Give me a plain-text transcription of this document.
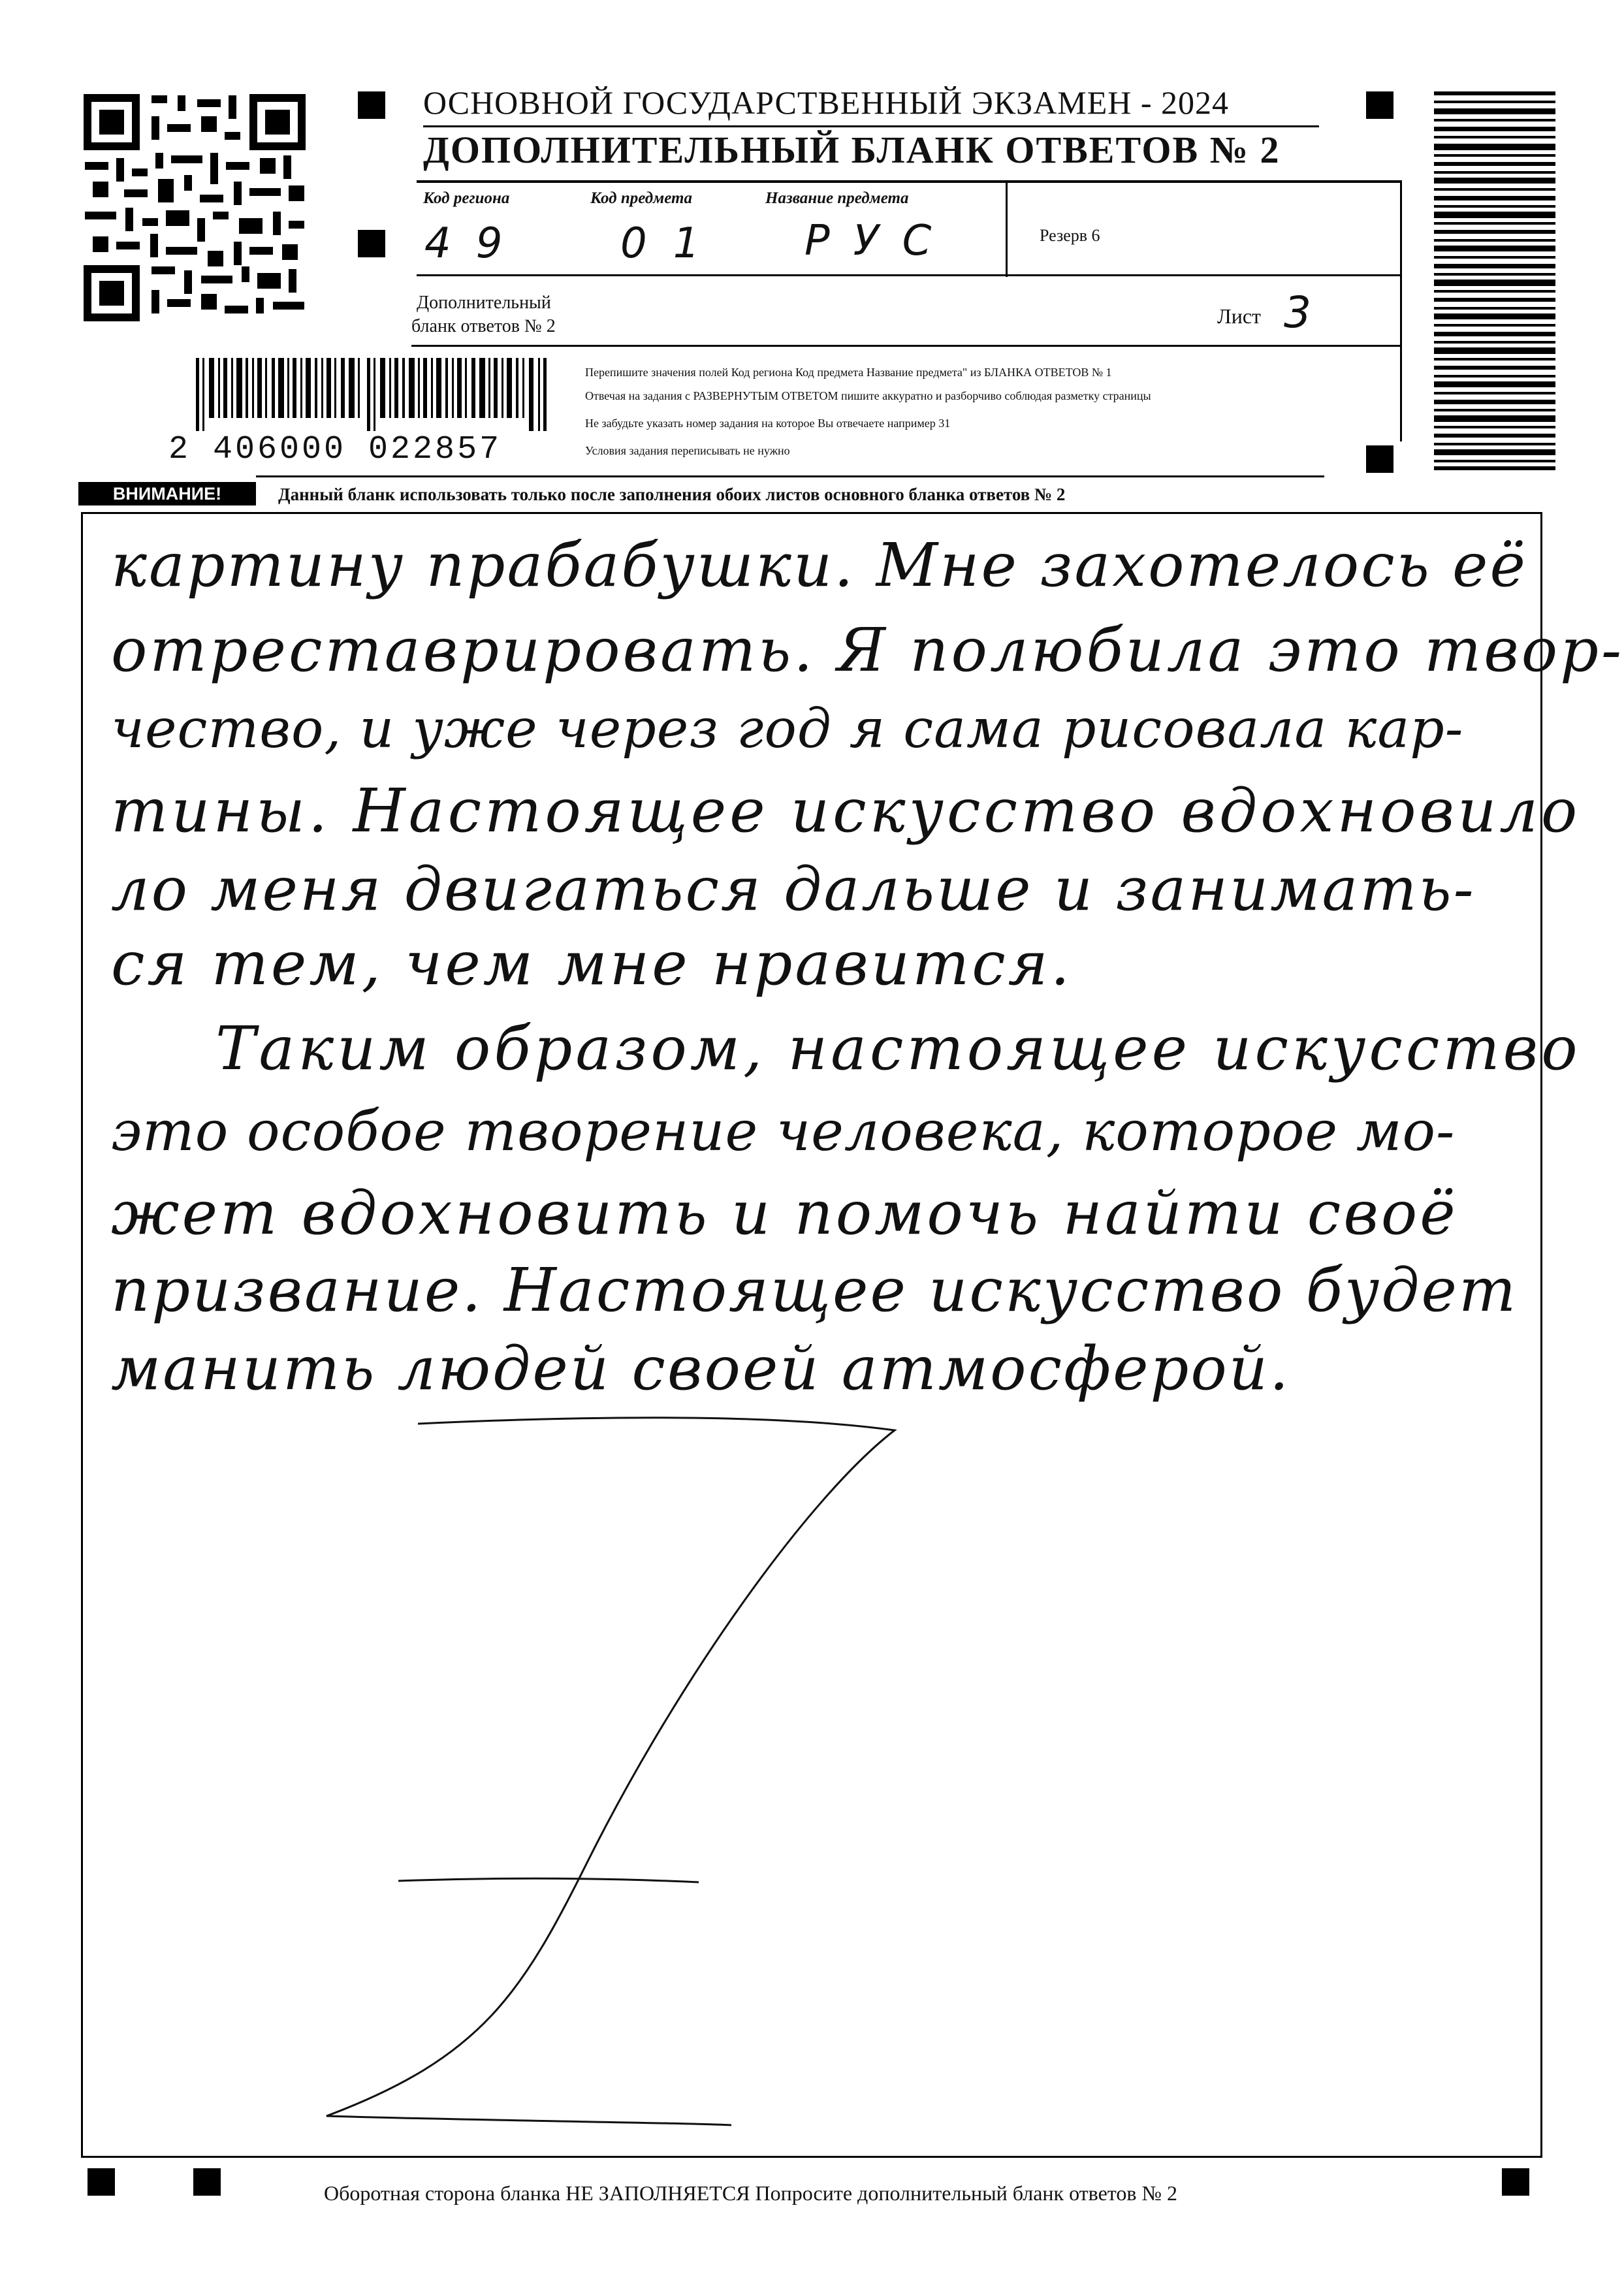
ОСНОВНОЙ ГОСУДАРСТВЕННЫЙ ЭКЗАМЕН - 2024
ДОПОЛНИТЕЛЬНЫЙ БЛАНК ОТВЕТОВ № 2
Код региона	Код предмета	Название предмета
49 01 РУС	Резерв 6
Дополнительный
бланк ответов № 2	Лист 3
2 406000 022857
Перепишите значения полей Код региона Код предмета Название предмета" из БЛАНКА ОТВЕТОВ № 1
Отвечая на задания с РАЗВЕРНУТЫМ ОТВЕТОМ пишите аккуратно и разборчиво соблюдая разметку страницы
Не забудьте указать номер задания на которое Вы отвечаете например 31
Условия задания переписывать не нужно
ВНИМАНИЕ!	Данный бланк использовать только после заполнения обоих листов основного бланка ответов № 2
картину прабабушки. Мне захотелось её
отреставрировать. Я полюбила это твор-
чество, и уже через год я сама рисовала кар-
тины. Настоящее искусство вдохновило
ло меня двигаться дальше и занимать-
ся тем, чем мне нравится.
Таким образом, настоящее искусство
это особое творение человека, которое мо-
жет вдохновить и помочь найти своё
призвание. Настоящее искусство будет
манить людей своей атмосферой.
Оборотная сторона бланка НЕ ЗАПОЛНЯЕТСЯ Попросите дополнительный бланк ответов № 2
